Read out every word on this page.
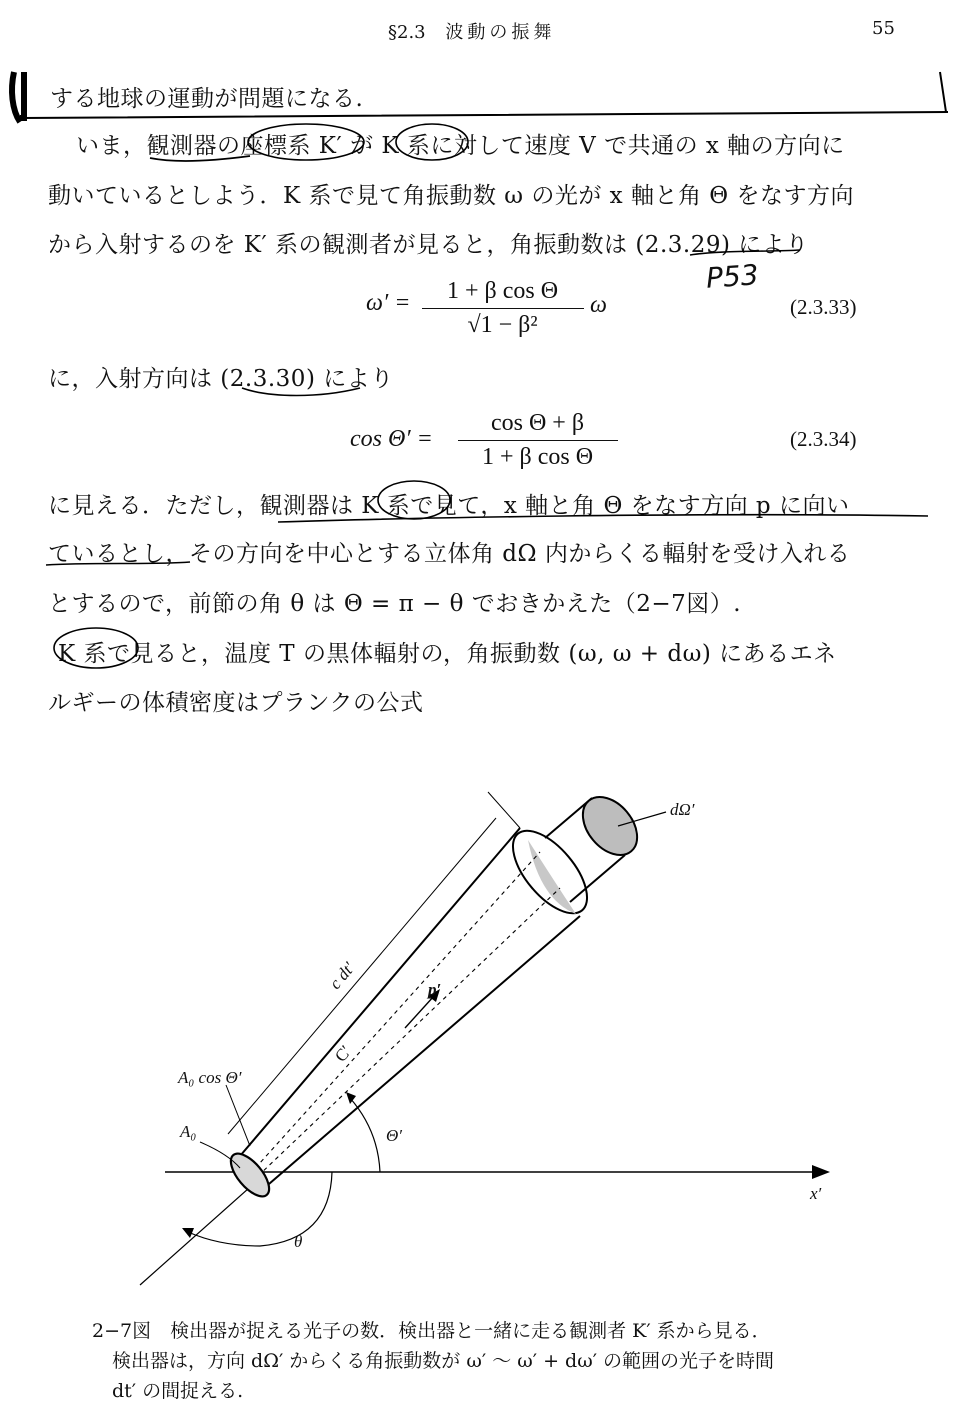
§2.3 波動の振舞	55
する地球の運動が問題になる.
いま，観測器の座標系 K′ が K 系に対して速度 V で共通の x 軸の方向に
動いているとしよう．K 系で見て角振動数 ω の光が x 軸と角 Θ をなす方向
から入射するのを K′ 系の観測者が見ると，角振動数は (2.3.29) により
ω′ =	1 + β cos Θ
√1 − β²
ω	(2.3.33)
に，入射方向は (2.3.30) により
cos Θ′ =
cos Θ + β
1 + β cos Θ
(2.3.34)
に見える．ただし，観測器は K 系で見て，x 軸と角 Θ をなす方向 p に向い
ているとし，その方向を中心とする立体角 dΩ 内からくる輻射を受け入れる
とするので，前節の角 θ は Θ = π − θ でおきかえた（2−7図）.
K 系で見ると，温度 T の黒体輻射の，角振動数 (ω, ω + dω) にあるエネ
ルギーの体積密度はプランクの公式
P53
dΩ′
c dt′	p′
C′
A₀ cos Θ′
A₀	Θ′
x′
θ
2−7図　検出器が捉える光子の数．検出器と一緒に走る観測者 K′ 系から見る．
検出器は，方向 dΩ′ からくる角振動数が ω′ 〜 ω′ + dω′ の範囲の光子を時間
dt′ の間捉える.
